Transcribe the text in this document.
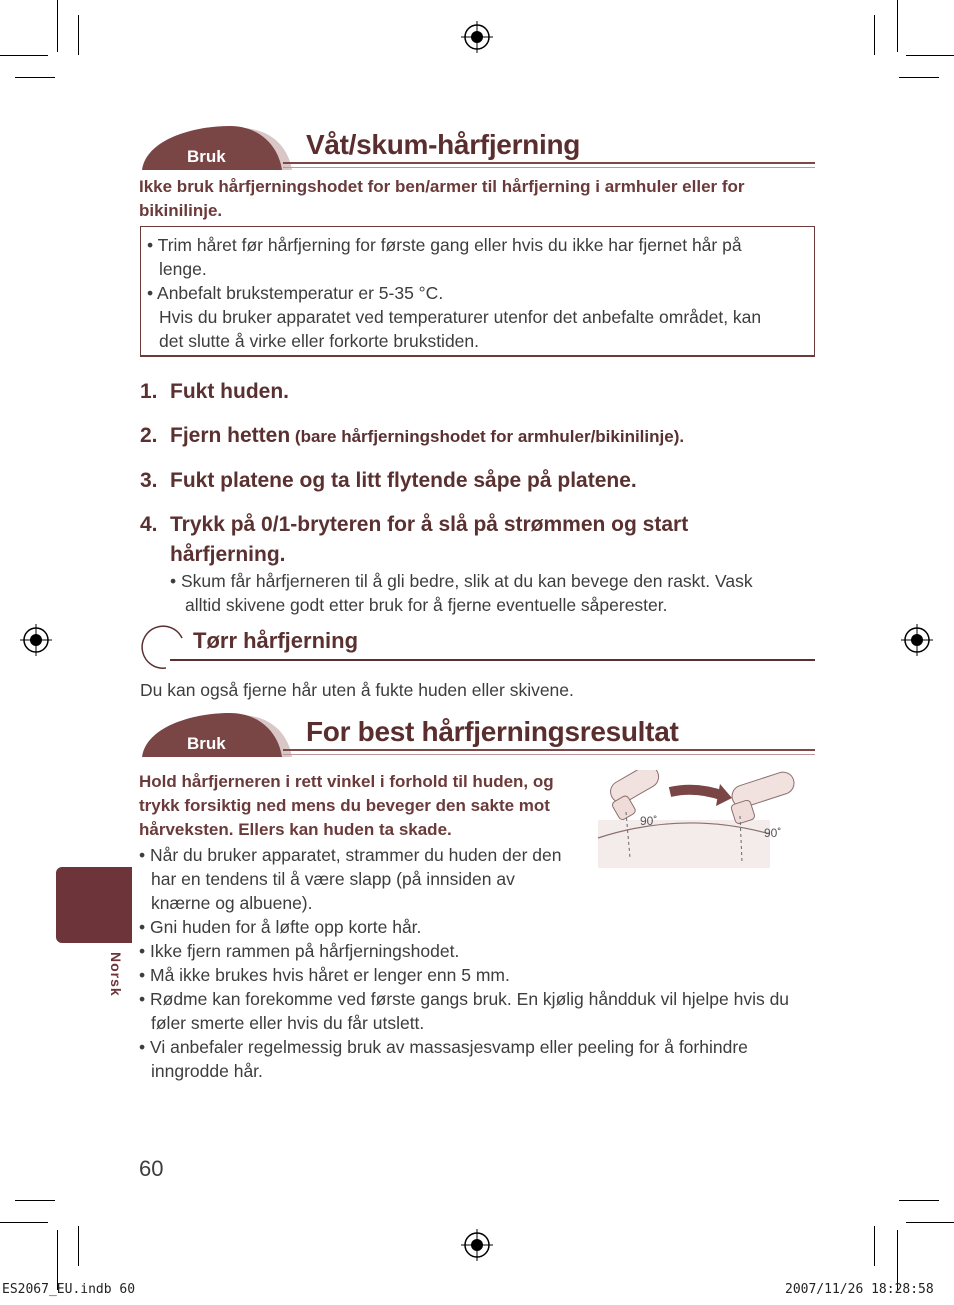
Bruk	Våt/skum-hårfjerning
Ikke bruk hårfjerningshodet for ben/armer til hårfjerning i armhuler eller for
bikinilinje.
• Trim håret før hårfjerning for første gang eller hvis du ikke har fjernet hår på
lenge.
• Anbefalt brukstemperatur er 5-35 °C.
Hvis du bruker apparatet ved temperaturer utenfor det anbefalte området, kan
det slutte å virke eller forkorte brukstiden.
1. Fukt huden.
2. Fjern hetten (bare hårfjerningshodet for armhuler/bikinilinje).
3. Fukt platene og ta litt flytende såpe på platene.
4. Trykk på 0/1-bryteren for å slå på strømmen og start
hårfjerning.
• Skum får hårfjerneren til å gli bedre, slik at du kan bevege den raskt. Vask
alltid skivene godt etter bruk for å fjerne eventuelle såperester.
Tørr hårfjerning
Du kan også fjerne hår uten å fukte huden eller skivene.
Bruk	For best hårfjerningsresultat
Hold hårfjerneren i rett vinkel i forhold til huden, og
trykk forsiktig ned mens du beveger den sakte mot
hårveksten. Ellers kan huden ta skade.	90˚
90˚
• Når du bruker apparatet, strammer du huden der den
har en tendens til å være slapp (på innsiden av
knærne og albuene).
• Gni huden for å løfte opp korte hår.
• Ikke fjern rammen på hårfjerningshodet.
• Må ikke brukes hvis håret er lenger enn 5 mm.
• Rødme kan forekomme ved første gangs bruk. En kjølig håndduk vil hjelpe hvis du
føler smerte eller hvis du får utslett.
• Vi anbefaler regelmessig bruk av massasjesvamp eller peeling for å forhindre
inngrodde hår.
Norsk
60
ES2067_EU.indb 60	2007/11/26 18:28:58
